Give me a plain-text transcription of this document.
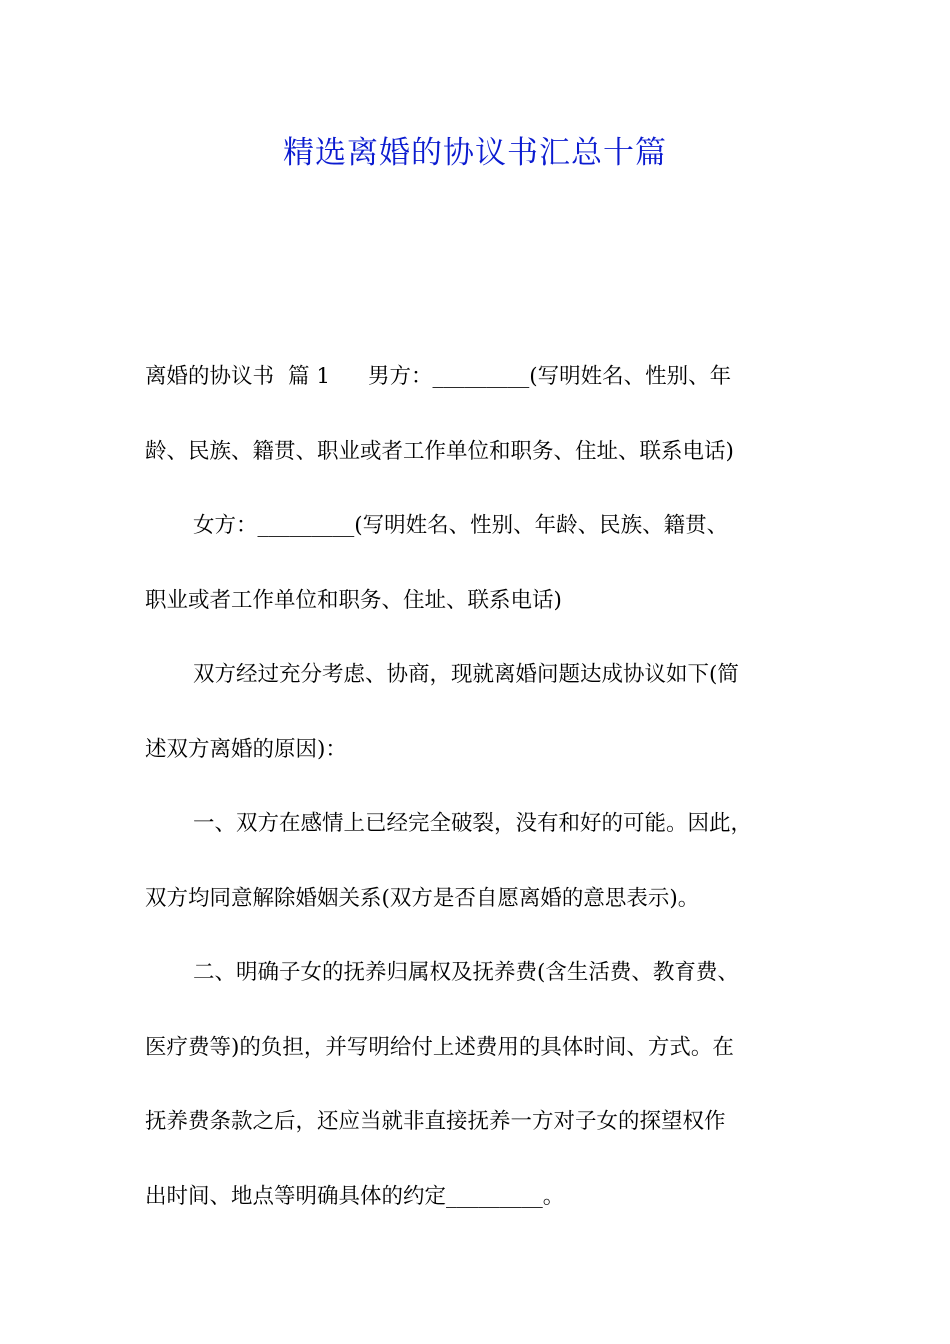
精选离婚的协议书汇总十篇
离婚的协议书 篇 1 男方：_________(写明姓名、性别、年
龄、民族、籍贯、职业或者工作单位和职务、住址、联系电话)
女方：_________(写明姓名、性别、年龄、民族、籍贯、
职业或者工作单位和职务、住址、联系电话)
双方经过充分考虑、协商，现就离婚问题达成协议如下(简
述双方离婚的原因)：
一、双方在感情上已经完全破裂，没有和好的可能。因此，
双方均同意解除婚姻关系(双方是否自愿离婚的意思表示)。
二、明确子女的抚养归属权及抚养费(含生活费、教育费、
医疗费等)的负担，并写明给付上述费用的具体时间、方式。在
抚养费条款之后，还应当就非直接抚养一方对子女的探望权作
出时间、地点等明确具体的约定_________。
